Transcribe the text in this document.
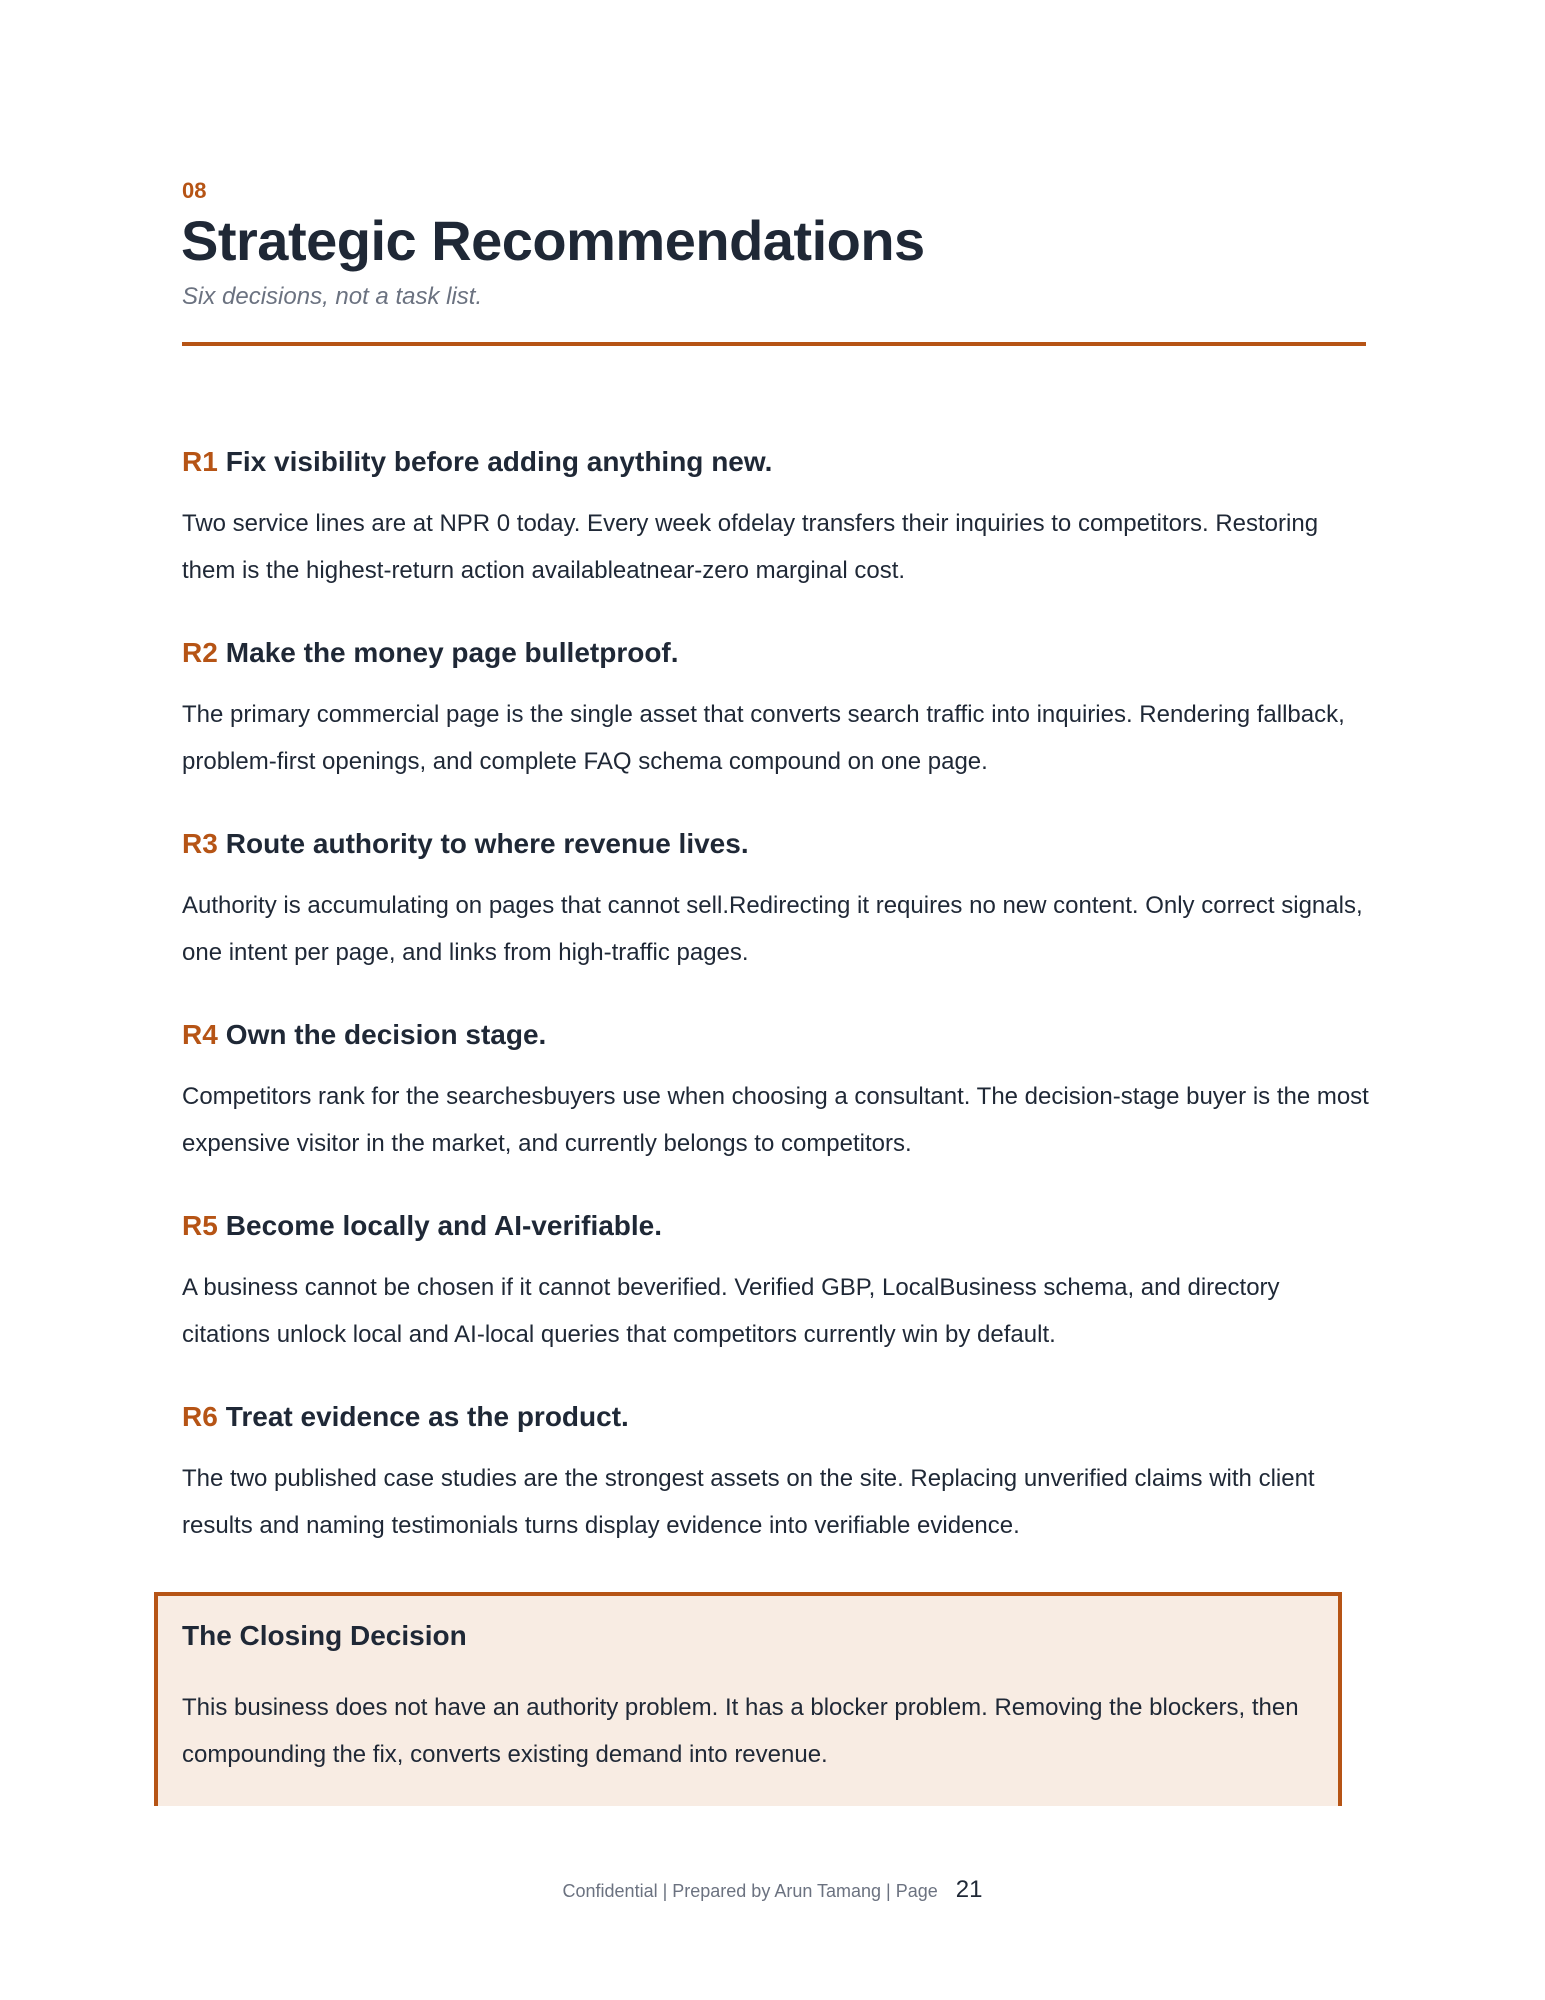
08
Strategic Recommendations
Six decisions, not a task list.
R1 Fix visibility before adding anything new.

Two service lines are at NPR 0 today. Every week ofdelay transfers their inquiries to competitors. Restoring them is the highest-return action availableatnear-zero marginal cost.

R2 Make the money page bulletproof.

The primary commercial page is the single asset that converts search traffic into inquiries. Rendering fallback, problem-first openings, and complete FAQ schema compound on one page.

R3 Route authority to where revenue lives.

Authority is accumulating on pages that cannot sell.Redirecting it requires no new content. Only correct signals, one intent per page, and links from high-traffic pages.

R4 Own the decision stage.

Competitors rank for the searchesbuyers use when choosing a consultant. The decision-stage buyer is the most expensive visitor in the market, and currently belongs to competitors.

R5 Become locally and AI-verifiable.

A business cannot be chosen if it cannot beverified. Verified GBP, LocalBusiness schema, and directory citations unlock local and AI-local queries that competitors currently win by default.

R6 Treat evidence as the product.

The two published case studies are the strongest assets on the site. Replacing unverified claims with client results and naming testimonials turns display evidence into verifiable evidence.

The Closing Decision

This business does not have an authority problem. It has a blocker problem. Removing the blockers, then compounding the fix, converts existing demand into revenue.

Confidential | Prepared by Arun Tamang | Page 21
